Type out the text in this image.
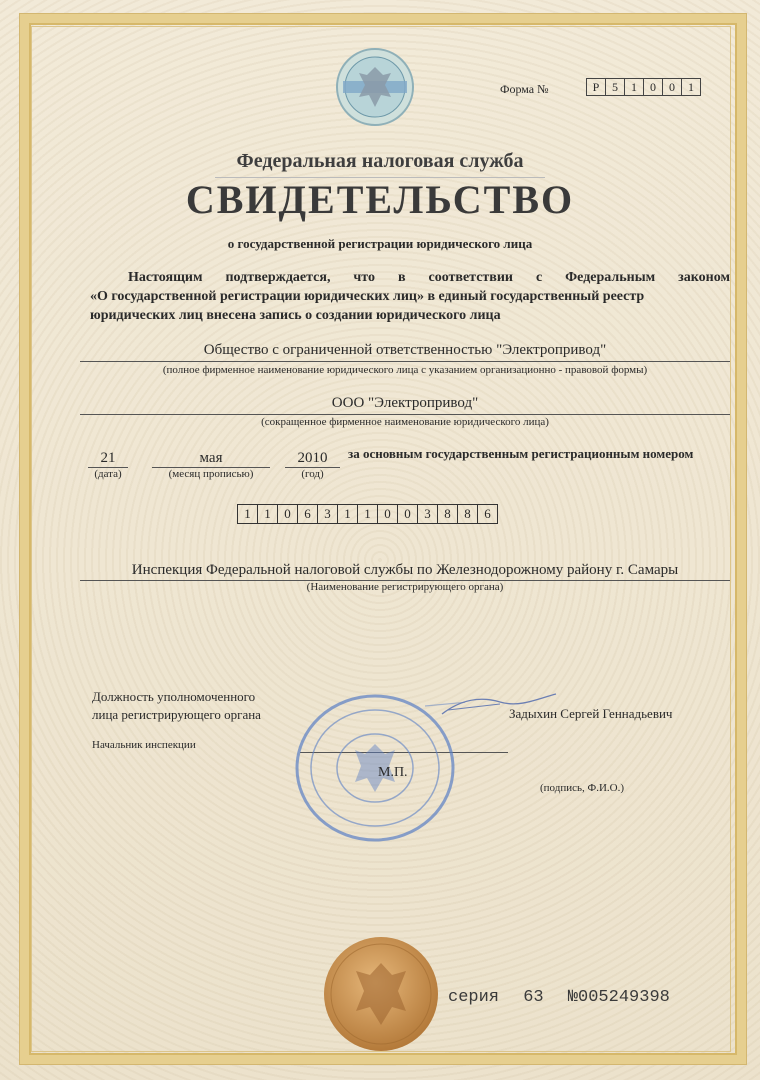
Форма №	Р	5	1	0	0	1
Федеральная налоговая служба
СВИДЕТЕЛЬСТВО
о государственной регистрации юридического лица
Настоящим подтверждается, что в соответствии с Федеральным законом
«О государственной регистрации юридических лиц» в единый государственный реестр
юридических лиц внесена запись о создании юридического лица
Общество с ограниченной ответственностью "Электропривод"
(полное фирменное наименование юридического лица с указанием организационно - правовой формы)
ООО "Электропривод"
(сокращенное фирменное наименование юридического лица)
21
(дата)
мая
(месяц прописью)
2010
(год)
за основным государственным регистрационным номером
1	1	0	6	3	1	1	0	0	3	8	8	6
Инспекция Федеральной налоговой службы по Железнодорожному району г. Самары
(Наименование регистрирующего органа)
Должность уполномоченного
лица регистрирующего органа
Начальник инспекции
М.П.
Задыхин Сергей Геннадьевич
(подпись, Ф.И.О.)
серия 63 №005249398
